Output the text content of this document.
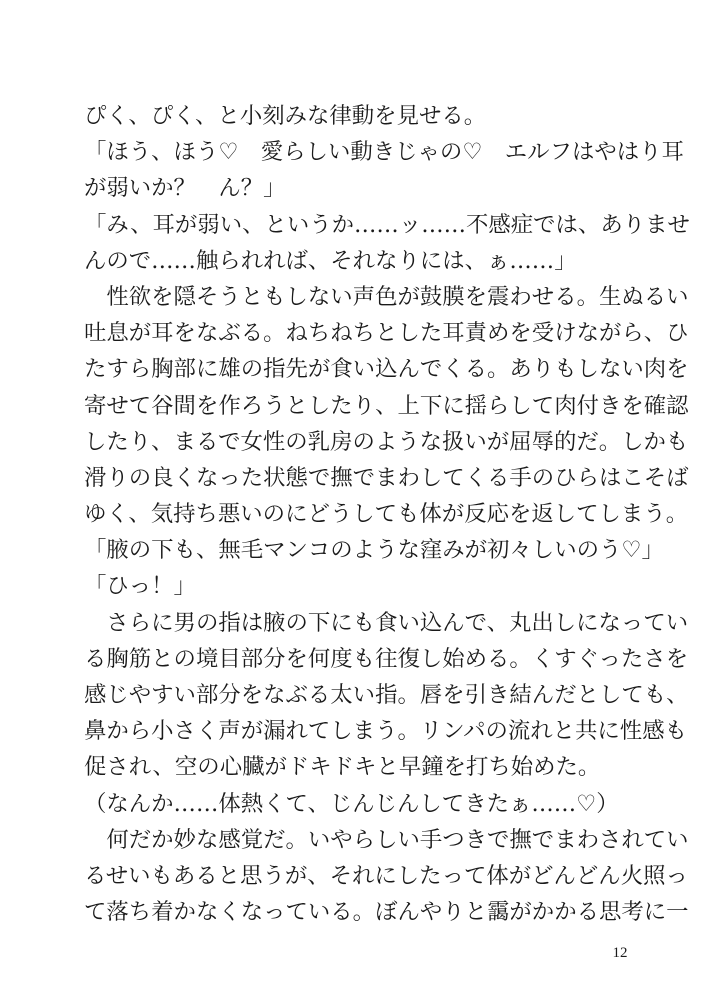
ぴく、ぴく、と小刻みな律動を見せる。
「ほう、ほう♡　愛らしい動きじゃの♡　エルフはやはり耳
が弱いか？　ん？」
「み、耳が弱い、というか……ッ……不感症では、ありませ
んので……触られれば、それなりには、ぁ……」
　性欲を隠そうともしない声色が鼓膜を震わせる。生ぬるい
吐息が耳をなぶる。ねちねちとした耳責めを受けながら、ひ
たすら胸部に雄の指先が食い込んでくる。ありもしない肉を
寄せて谷間を作ろうとしたり、上下に揺らして肉付きを確認
したり、まるで女性の乳房のような扱いが屈辱的だ。しかも
滑りの良くなった状態で撫でまわしてくる手のひらはこそば
ゆく、気持ち悪いのにどうしても体が反応を返してしまう。
「腋の下も、無毛マンコのような窪みが初々しいのう♡」
「ひっ！」
　さらに男の指は腋の下にも食い込んで、丸出しになってい
る胸筋との境目部分を何度も往復し始める。くすぐったさを
感じやすい部分をなぶる太い指。唇を引き結んだとしても、
鼻から小さく声が漏れてしまう。リンパの流れと共に性感も
促され、空の心臓がドキドキと早鐘を打ち始めた。
（なんか……体熱くて、じんじんしてきたぁ……♡）
　何だか妙な感覚だ。いやらしい手つきで撫でまわされてい
るせいもあると思うが、それにしたって体がどんどん火照っ
て落ち着かなくなっている。ぼんやりと靄がかかる思考に一
12
